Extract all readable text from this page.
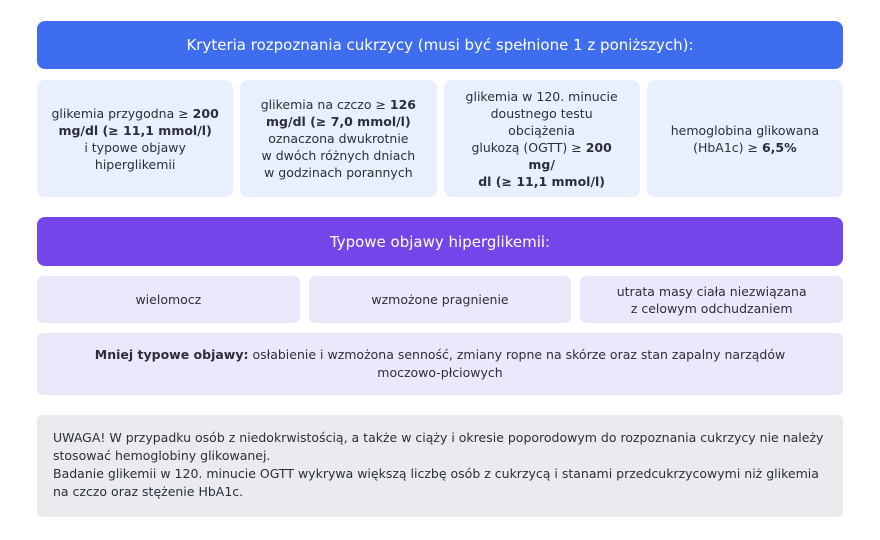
Kryteria rozpoznania cukrzycy (musi być spełnione 1 z poniższych):
glikemia przygodna ≥ 200
mg/dl (≥ 11,1 mmol/l)
i typowe objawy
hiperglikemii
glikemia na czczo ≥ 126
mg/dl (≥ 7,0 mmol/l)
oznaczona dwukrotnie
w dwóch różnych dniach
w godzinach porannych
glikemia w 120. minucie
doustnego testu obciążenia
glukozą (OGTT) ≥ 200 mg/
dl (≥ 11,1 mmol/l)
hemoglobina glikowana
(HbA1c) ≥ 6,5%
Typowe objawy hiperglikemii:
wielomocz	wzmożone pragnienie
utrata masy ciała niezwiązana
z celowym odchudzaniem
Mniej typowe objawy: osłabienie i wzmożona senność, zmiany ropne na skórze oraz stan zapalny narządów moczowo-płciowych

UWAGA! W przypadku osób z niedokrwistością, a także w ciąży i okresie poporodowym do rozpoznania cukrzycy nie należy stosować hemoglobiny glikowanej.

Badanie glikemii w 120. minucie OGTT wykrywa większą liczbę osób z cukrzycą i stanami przedcukrzycowymi niż glikemia na czczo oraz stężenie HbA1c.
